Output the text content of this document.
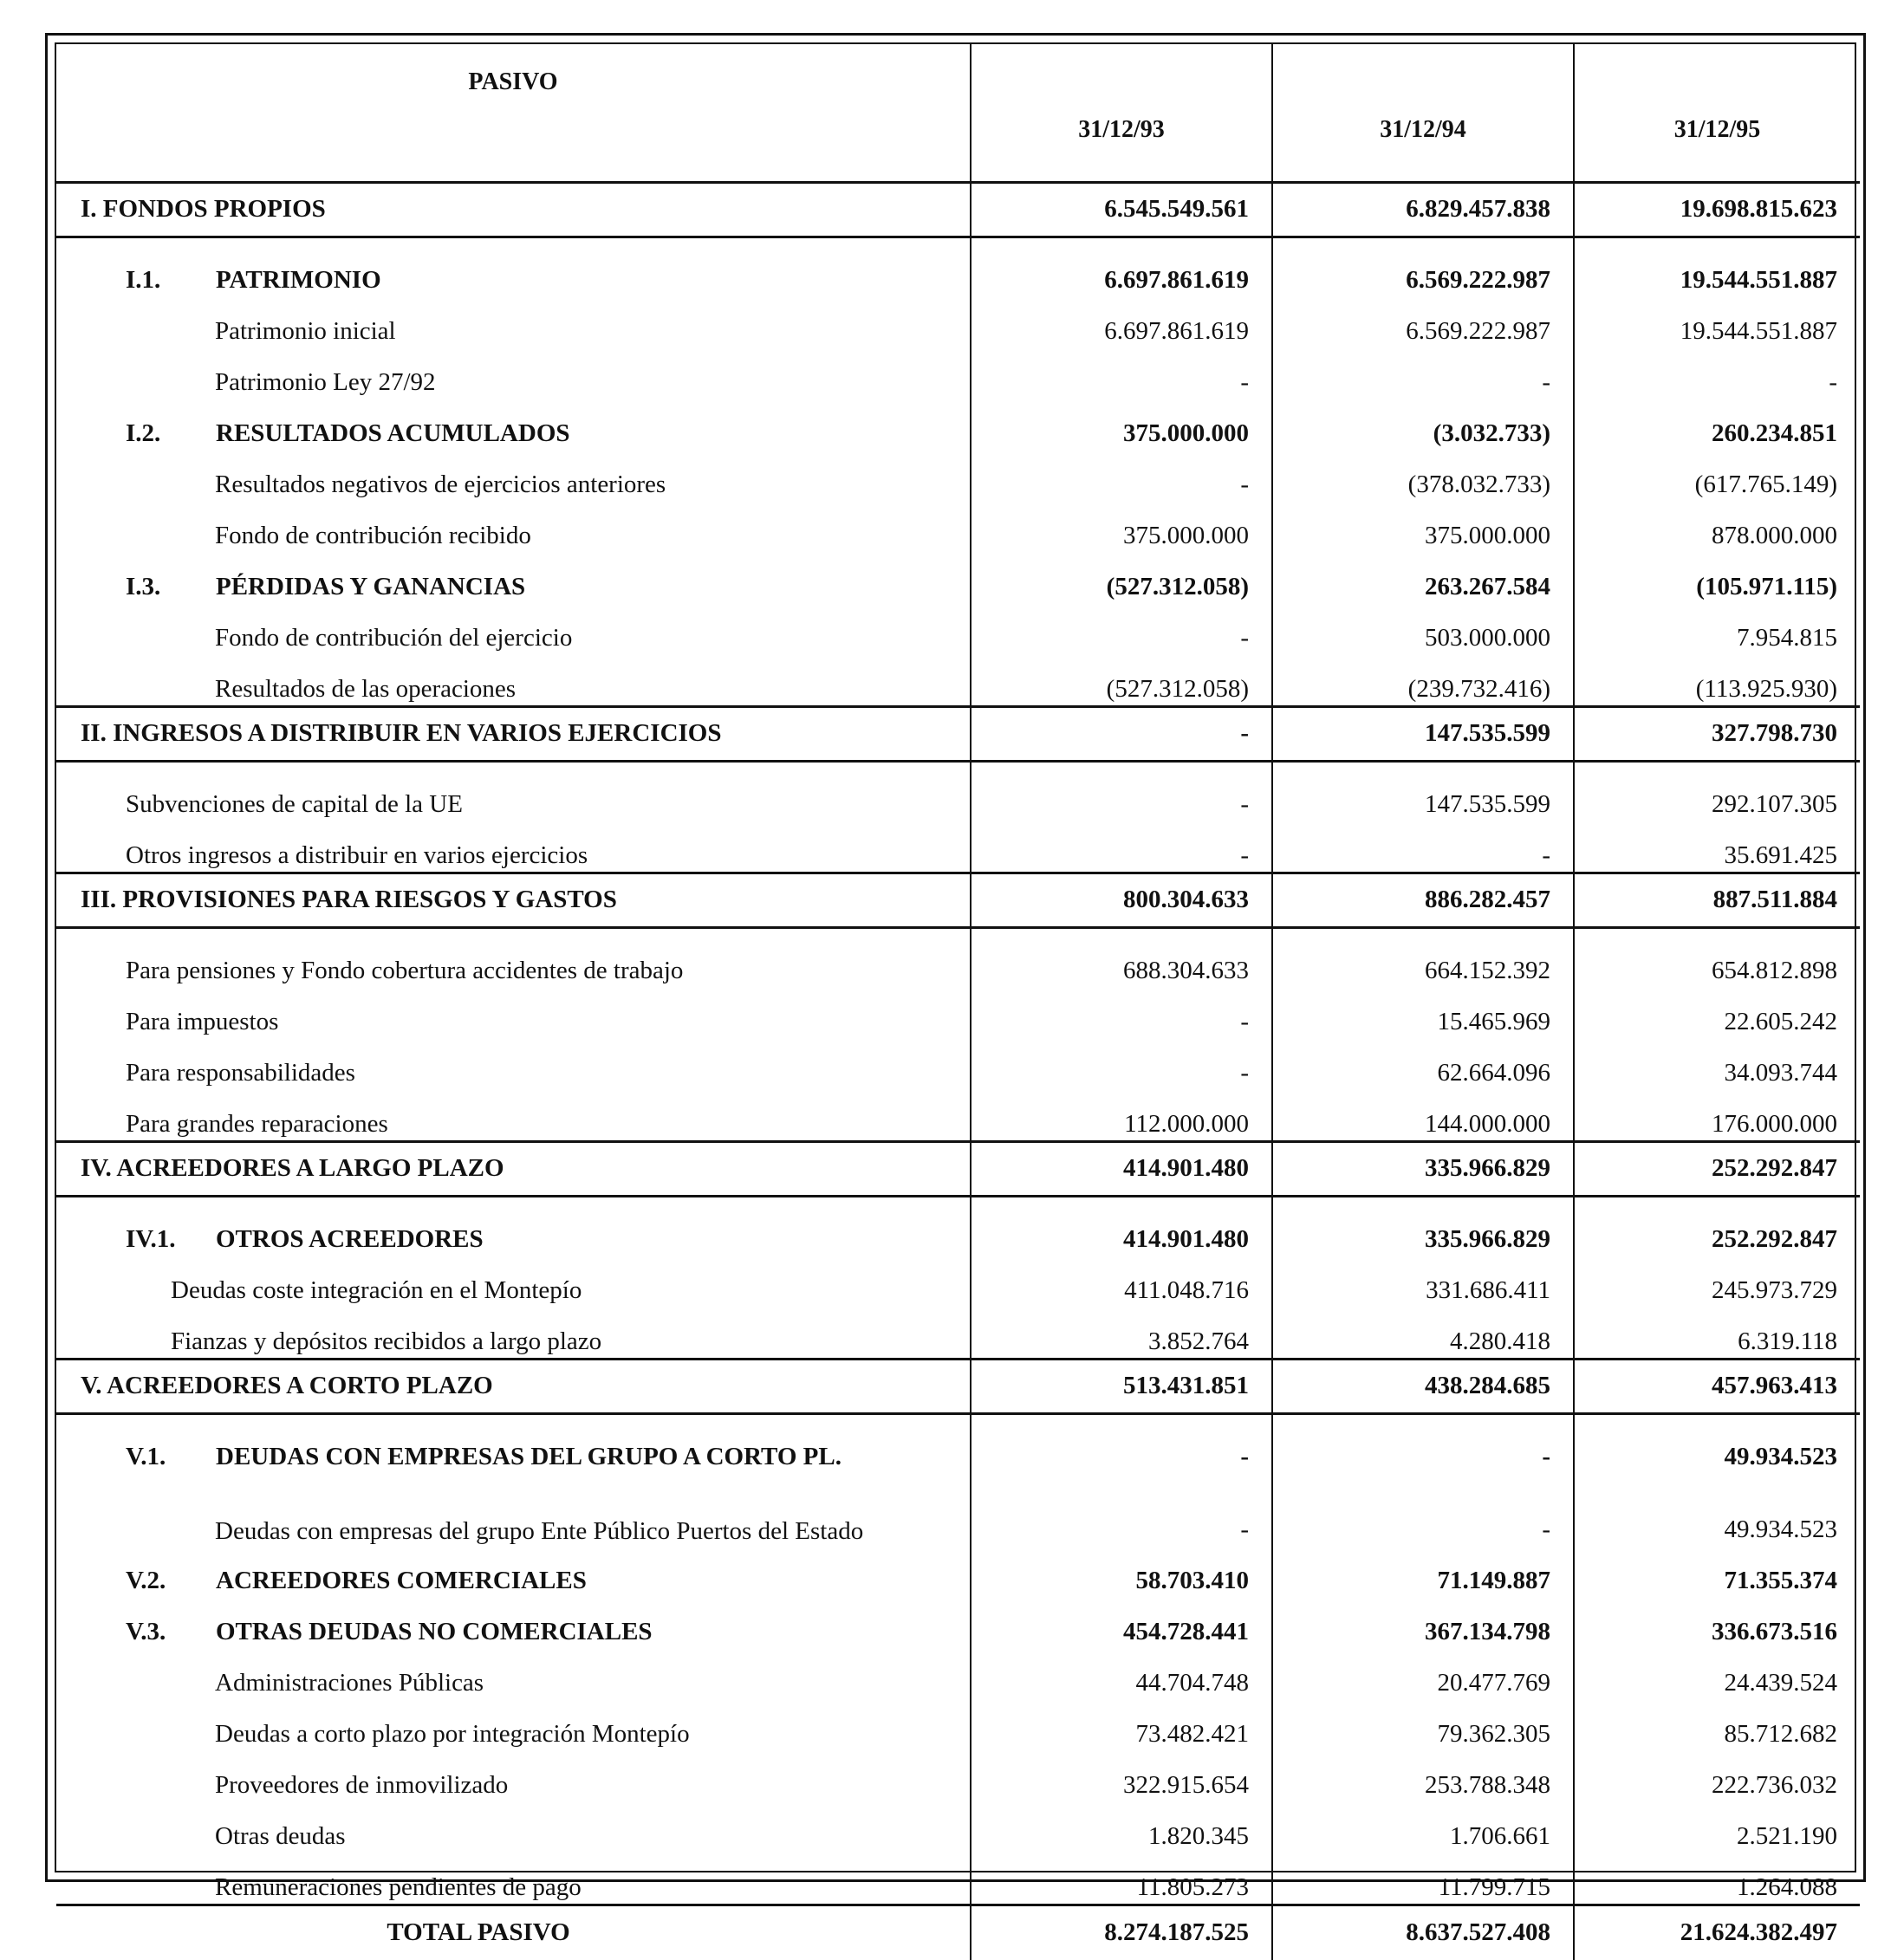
PASIVO	31/12/93	31/12/94	31/12/95
I. FONDOS PROPIOS	6.545.549.561	6.829.457.838	19.698.815.623
I.1. PATRIMONIO	6.697.861.619	6.569.222.987	19.544.551.887
Patrimonio inicial	6.697.861.619	6.569.222.987	19.544.551.887
Patrimonio Ley 27/92	-	-	-
I.2. RESULTADOS ACUMULADOS	375.000.000	(3.032.733)	260.234.851
Resultados negativos de ejercicios anteriores	-	(378.032.733)	(617.765.149)
Fondo de contribución recibido	375.000.000	375.000.000	878.000.000
I.3. PÉRDIDAS Y GANANCIAS	(527.312.058)	263.267.584	(105.971.115)
Fondo de contribución del ejercicio	-	503.000.000	7.954.815
Resultados de las operaciones	(527.312.058)	(239.732.416)	(113.925.930)
II. INGRESOS A DISTRIBUIR EN VARIOS EJERCICIOS	-	147.535.599	327.798.730
Subvenciones de capital de la UE	-	147.535.599	292.107.305
Otros ingresos a distribuir en varios ejercicios	-	-	35.691.425
III. PROVISIONES PARA RIESGOS Y GASTOS	800.304.633	886.282.457	887.511.884
Para pensiones y Fondo cobertura accidentes de trabajo	688.304.633	664.152.392	654.812.898
Para impuestos	-	15.465.969	22.605.242
Para responsabilidades	-	62.664.096	34.093.744
Para grandes reparaciones	112.000.000	144.000.000	176.000.000
IV. ACREEDORES A LARGO PLAZO	414.901.480	335.966.829	252.292.847
IV.1. OTROS ACREEDORES	414.901.480	335.966.829	252.292.847
Deudas coste integración en el Montepío	411.048.716	331.686.411	245.973.729
Fianzas y depósitos recibidos a largo plazo	3.852.764	4.280.418	6.319.118
V. ACREEDORES A CORTO PLAZO	513.431.851	438.284.685	457.963.413
V.1. DEUDAS CON EMPRESAS DEL GRUPO A CORTO PL.	-	-	49.934.523

Deudas con empresas del grupo Ente Público Puertos del Estado	-	-	49.934.523
V.2. ACREEDORES COMERCIALES	58.703.410	71.149.887	71.355.374
V.3. OTRAS DEUDAS NO COMERCIALES	454.728.441	367.134.798	336.673.516
Administraciones Públicas	44.704.748	20.477.769	24.439.524
Deudas a corto plazo por integración Montepío	73.482.421	79.362.305	85.712.682
Proveedores de inmovilizado	322.915.654	253.788.348	222.736.032
Otras deudas	1.820.345	1.706.661	2.521.190
Remuneraciones pendientes de pago	11.805.273	11.799.715	1.264.088
TOTAL PASIVO	8.274.187.525	8.637.527.408	21.624.382.497
